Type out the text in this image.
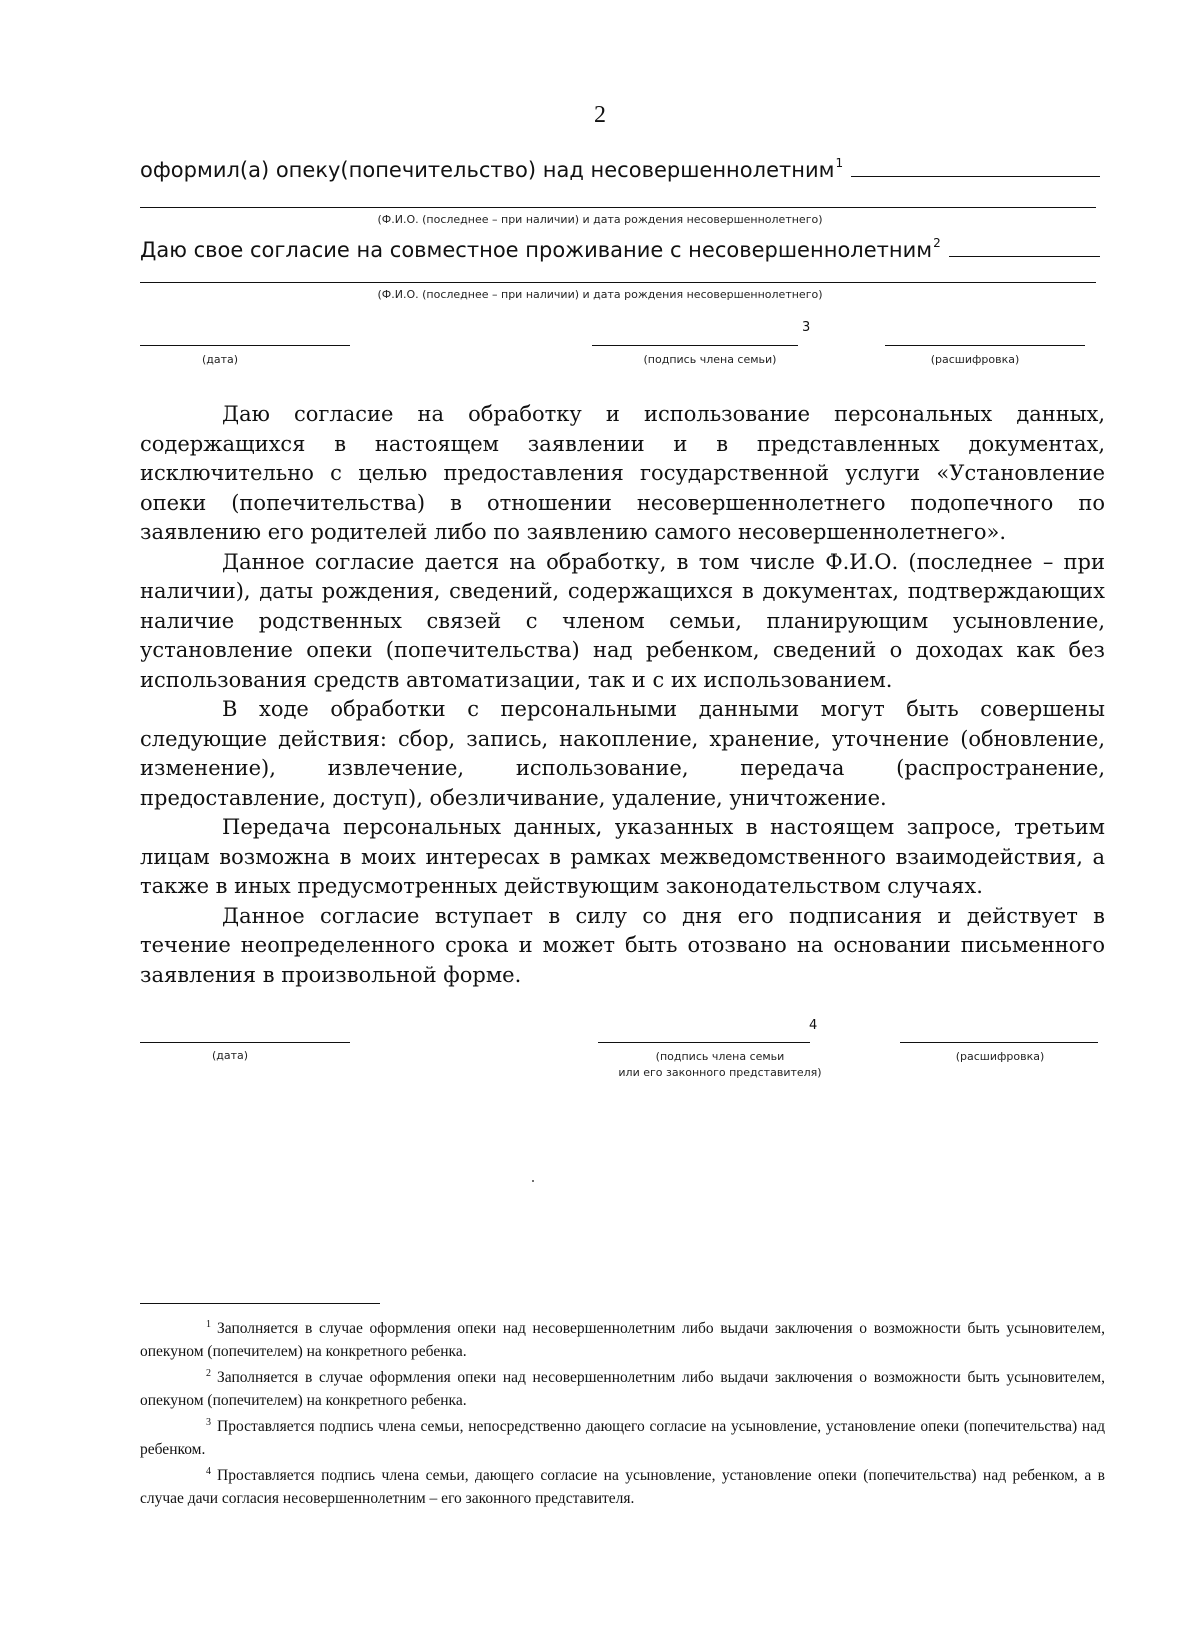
2
оформил(а) опеку(попечительство) над несовершеннолетним$^1$
(Ф.И.О. (последнее – при наличии) и дата рождения несовершеннолетнего)
Даю свое согласие на совместное проживание с несовершеннолетним$^2$
(Ф.И.О. (последнее – при наличии) и дата рождения несовершеннолетнего)
(дата)
3
(подпись члена семьи)	(расшифровка)

Даю согласие на обработку и использование персональных данных, содержащихся в настоящем заявлении и в представленных документах, исключительно с целью предоставления государственной услуги «Установление опеки (попечительства) в отношении несовершеннолетнего подопечного по заявлению его родителей либо по заявлению самого несовершеннолетнего».

Данное согласие дается на обработку, в том числе Ф.И.О. (последнее – при наличии), даты рождения, сведений, содержащихся в документах, подтверждающих наличие родственных связей с членом семьи, планирующим усыновление, установление опеки (попечительства) над ребенком, сведений о доходах как без использования средств автоматизации, так и с их использованием.

В ходе обработки с персональными данными могут быть совершены следующие действия: сбор, запись, накопление, хранение, уточнение (обновление, изменение), извлечение, использование, передача (распространение, предоставление, доступ), обезличивание, удаление, уничтожение.

Передача персональных данных, указанных в настоящем запросе, третьим лицам возможна в моих интересах в рамках межведомственного взаимодействия, а также в иных предусмотренных действующим законодательством случаях.

Данное согласие вступает в силу со дня его подписания и действует в течение неопределенного срока и может быть отозвано на основании письменного заявления в произвольной форме.

(дата)
4
(подпись члена семьи
или его законного представителя)
(расшифровка)

$^1$ Заполняется в случае оформления опеки над несовершеннолетним либо выдачи заключения о возможности быть усыновителем, опекуном (попечителем) на конкретного ребенка.

$^2$ Заполняется в случае оформления опеки над несовершеннолетним либо выдачи заключения о возможности быть усыновителем, опекуном (попечителем) на конкретного ребенка.

$^3$ Проставляется подпись члена семьи, непосредственно дающего согласие на усыновление, установление опеки (попечительства) над ребенком.

$^4$ Проставляется подпись члена семьи, дающего согласие на усыновление, установление опеки (попечительства) над ребенком, а в случае дачи согласия несовершеннолетним – его законного представителя.
